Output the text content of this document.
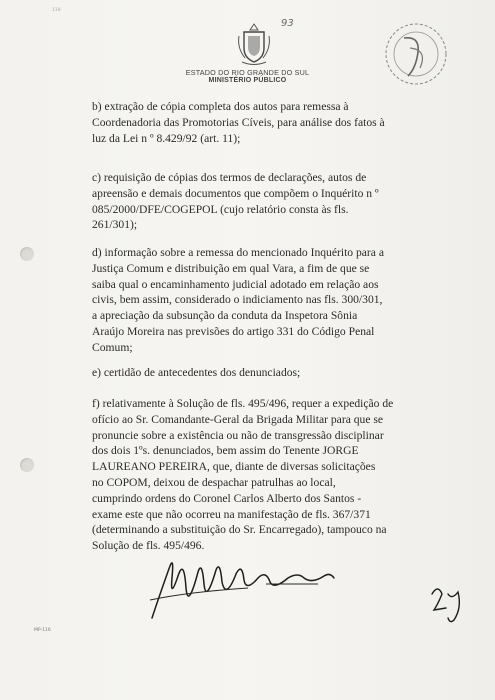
118
93
ESTADO DO RIO GRANDE DO SUL
MINISTÉRIO PÚBLICO
b) extração de cópia completa dos autos para remessa à
Coordenadoria das Promotorias Cíveis, para análise dos fatos à
luz da Lei n º 8.429/92 (art. 11);
c) requisição de cópias dos termos de declarações, autos de
apreensão e demais documentos que compõem o Inquérito n º
085/2000/DFE/COGEPOL (cujo relatório consta às fls.
261/301);
d) informação sobre a remessa do mencionado Inquérito para a
Justiça Comum e distribuição em qual Vara, a fim de que se
saiba qual o encaminhamento judicial adotado em relação aos
civis, bem assim, considerado o indiciamento nas fls. 300/301,
a apreciação da subsunção da conduta da Inspetora Sônia
Araújo Moreira nas previsões do artigo 331 do Código Penal
Comum;
e) certidão de antecedentes dos denunciados;
f) relativamente à Solução de fls. 495/496, requer a expedição de
ofício ao Sr. Comandante-Geral da Brigada Militar para que se
pronuncie sobre a existência ou não de transgressão disciplinar
dos dois 1ºs. denunciados, bem assim do Tenente JORGE
LAUREANO PEREIRA, que, diante de diversas solicitações
no COPOM, deixou de despachar patrulhas ao local,
cumprindo ordens do Coronel Carlos Alberto dos Santos -
exame este que não ocorreu na manifestação de fls. 367/371
(determinando a substituição do Sr. Encarregado), tampouco na
Solução de fls. 495/496.
MP-116
